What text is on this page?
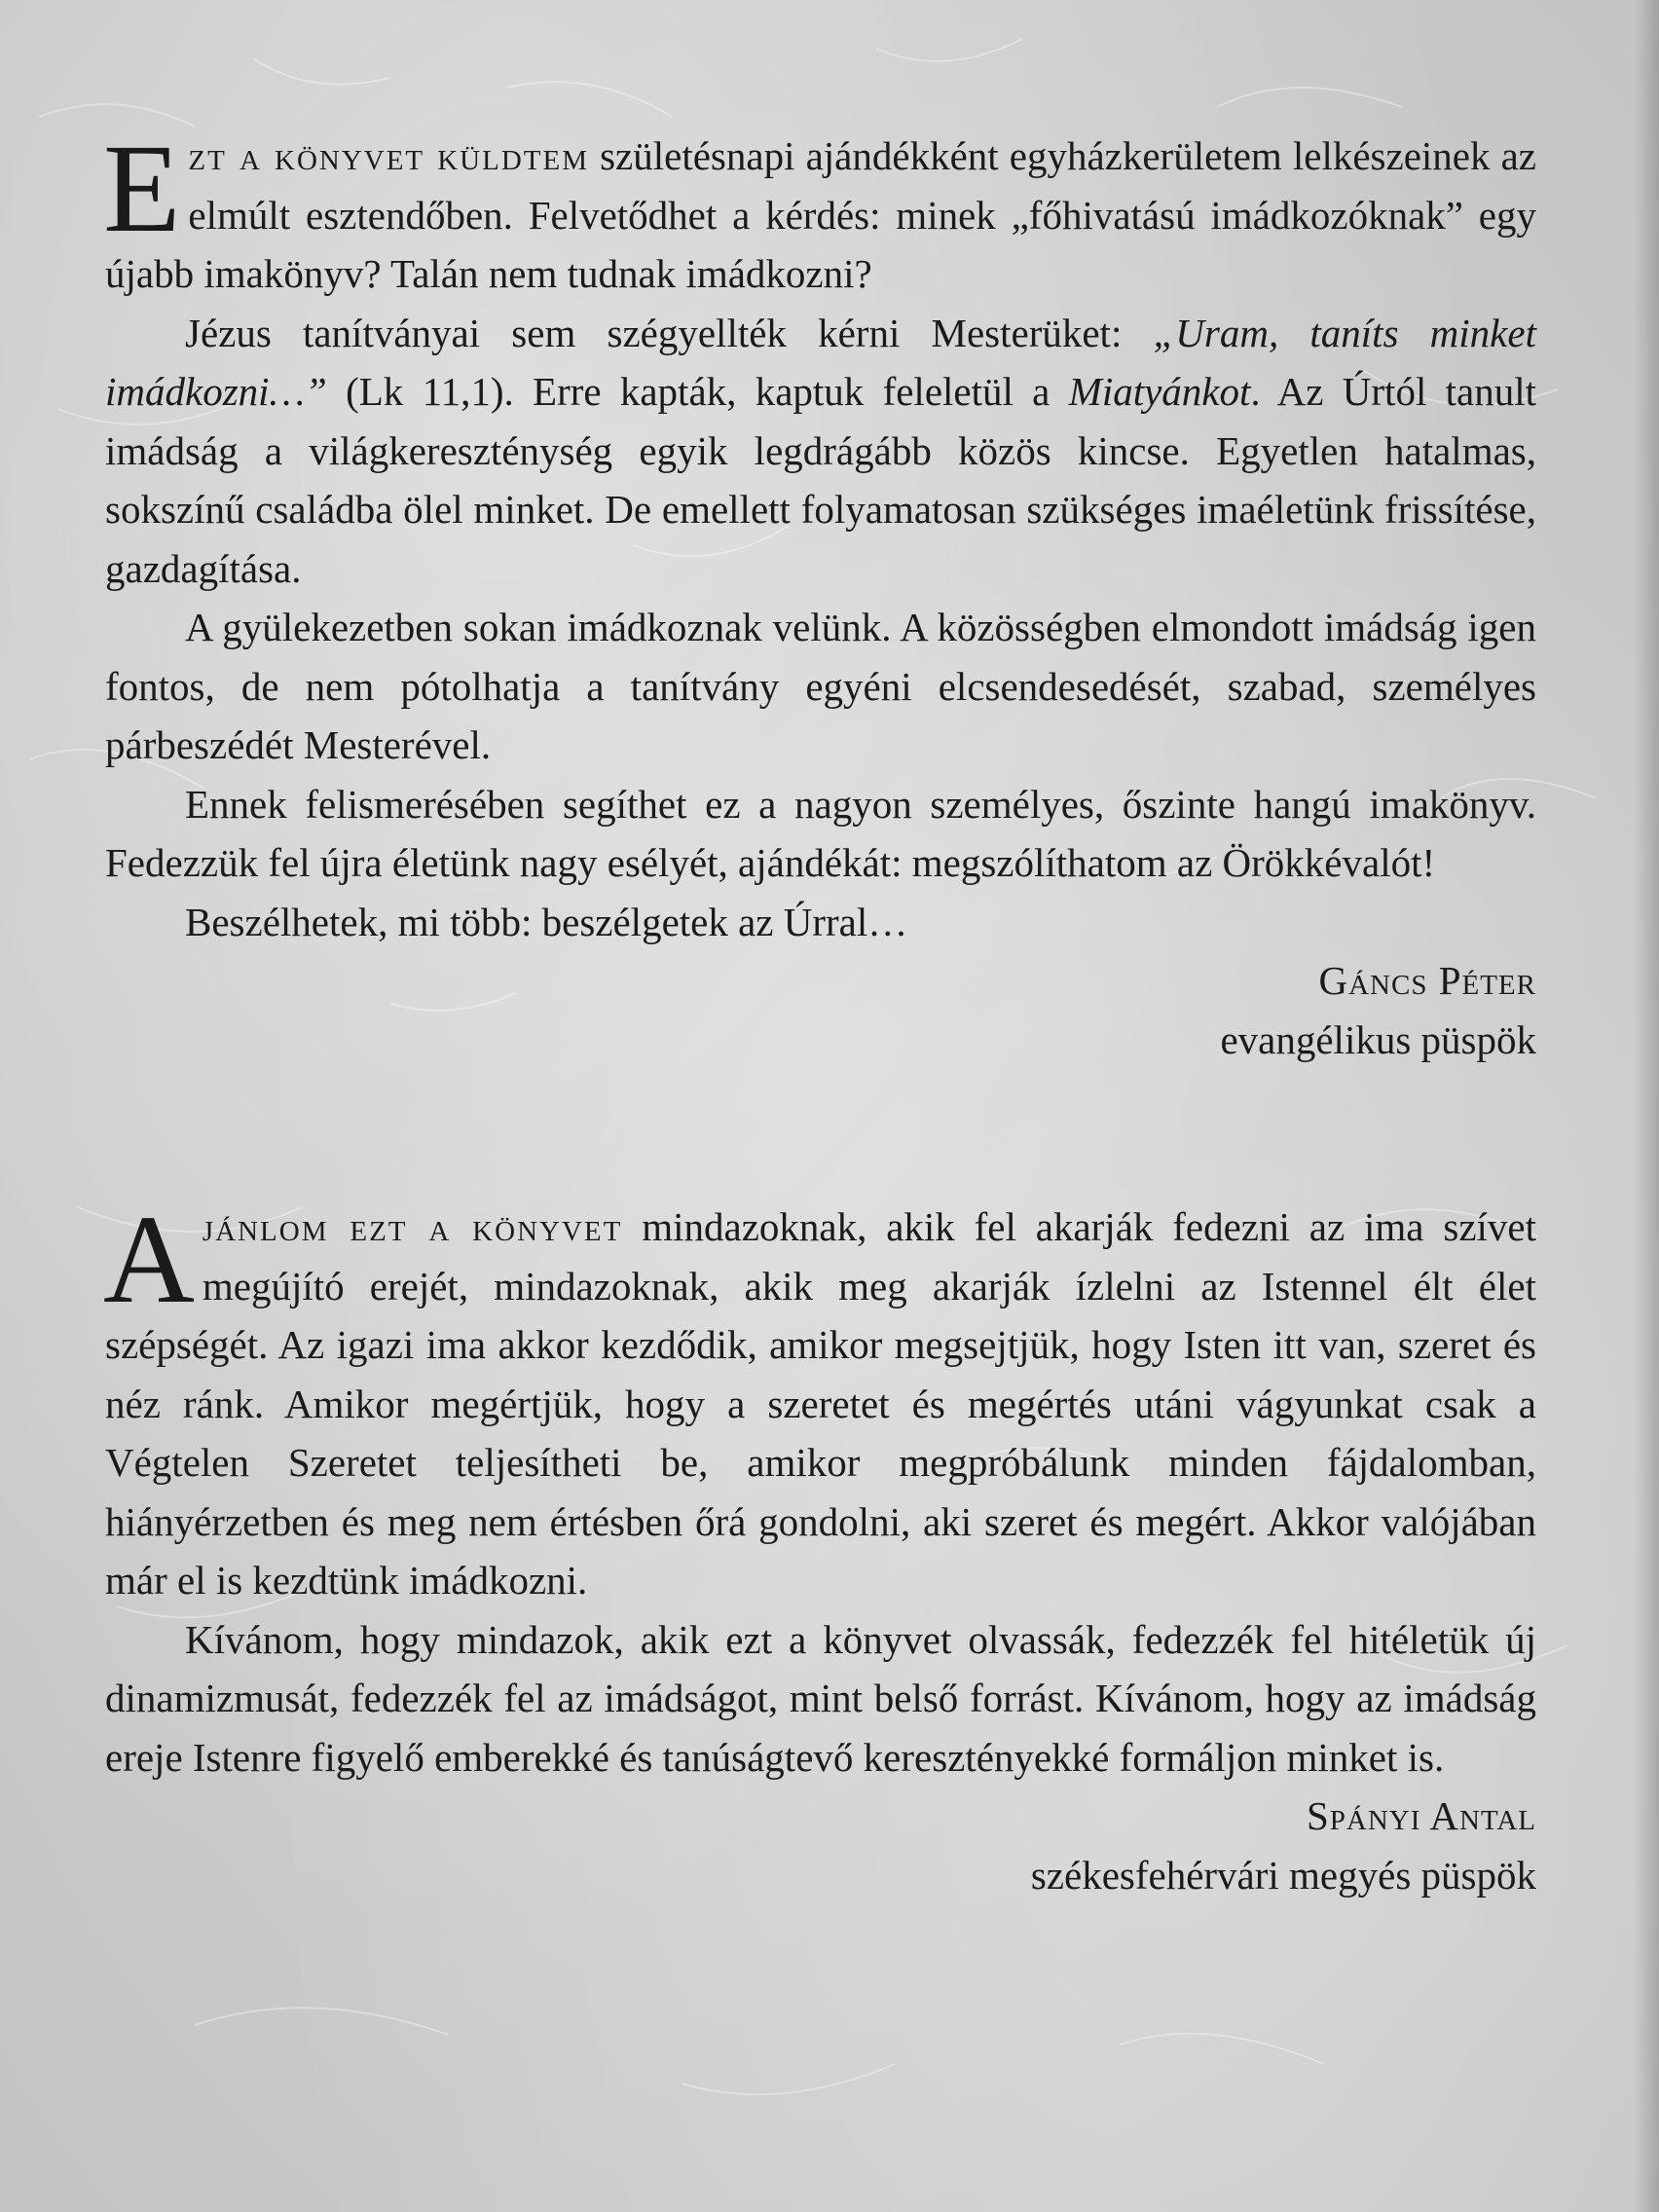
Ezt a könyvet küldtem születésnapi ajándékként egyházkerületem lelkészeinek az elmúlt esztendőben. Felvetődhet a kérdés: minek „főhivatású imádkozóknak” egy újabb imakönyv? Talán nem tudnak imádkozni?

Jézus tanítványai sem szégyellték kérni Mesterüket: „Uram, taníts minket imádkozni…” (Lk 11,1). Erre kapták, kaptuk feleletül a Miatyánkot. Az Úrtól tanult imádság a világkereszténység egyik legdrágább közös kincse. Egyetlen hatalmas, sokszínű családba ölel minket. De emellett folyamatosan szükséges imaéletünk frissítése, gazdagítása.

A gyülekezetben sokan imádkoznak velünk. A közösségben elmondott imádság igen fontos, de nem pótolhatja a tanítvány egyéni elcsendesedését, szabad, személyes párbeszédét Mesterével.

Ennek felismerésében segíthet ez a nagyon személyes, őszinte hangú imakönyv. Fedezzük fel újra életünk nagy esélyét, ajándékát: megszólíthatom az Örökkévalót!

Beszélhetek, mi több: beszélgetek az Úrral…

Gáncs Péter

evangélikus püspök

Ajánlom ezt a könyvet mindazoknak, akik fel akarják fedezni az ima szívet megújító erejét, mindazoknak, akik meg akarják ízlelni az Istennel élt élet szépségét. Az igazi ima akkor kezdődik, amikor megsejtjük, hogy Isten itt van, szeret és néz ránk. Amikor megértjük, hogy a szeretet és megértés utáni vágyunkat csak a Végtelen Szeretet teljesítheti be, amikor megpróbálunk minden fájdalomban, hiányérzetben és meg nem értésben őrá gondolni, aki szeret és megért. Akkor valójában már el is kezdtünk imádkozni.

Kívánom, hogy mindazok, akik ezt a könyvet olvassák, fedezzék fel hitéletük új dinamizmusát, fedezzék fel az imádságot, mint belső forrást. Kívánom, hogy az imádság ereje Istenre figyelő emberekké és tanúságtevő keresztényekké formáljon minket is.

Spányi Antal

székesfehérvári megyés püspök
